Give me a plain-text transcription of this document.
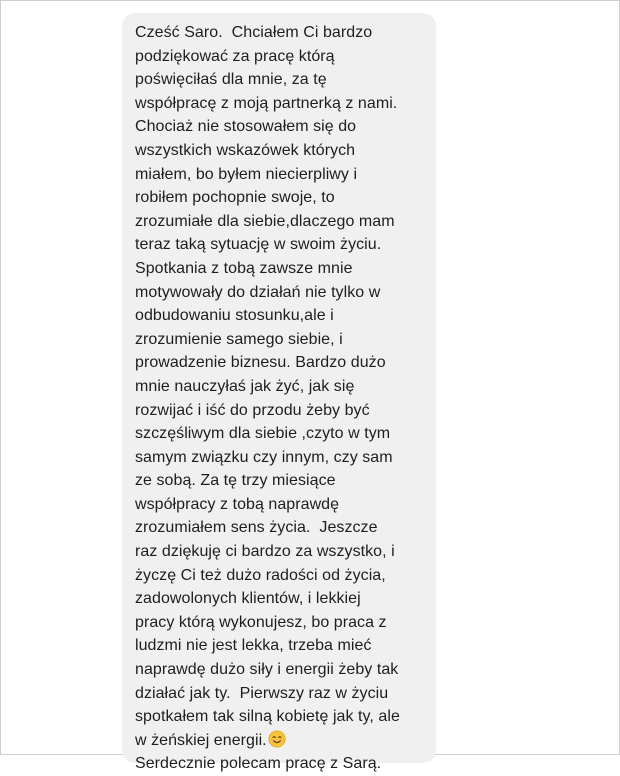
Cześć Saro.  Chciałem Ci bardzo
podziękować za pracę którą
poświęciłaś dla mnie, za tę
współpracę z moją partnerką z nami.
Chociaż nie stosowałem się do
wszystkich wskazówek których
miałem, bo byłem niecierpliwy i
robiłem pochopnie swoje, to
zrozumiałe dla siebie,dlaczego mam
teraz taką sytuację w swoim życiu.
Spotkania z tobą zawsze mnie
motywowały do działań nie tylko w
odbudowaniu stosunku,ale i
zrozumienie samego siebie, i
prowadzenie biznesu. Bardzo dużo
mnie nauczyłaś jak żyć, jak się
rozwijać i iść do przodu żeby być
szczęśliwym dla siebie ,czyto w tym
samym związku czy innym, czy sam
ze sobą. Za tę trzy miesiące
współpracy z tobą naprawdę
zrozumiałem sens życia.  Jeszcze
raz dziękuję ci bardzo za wszystko, i
życzę Ci też dużo radości od życia,
zadowolonych klientów, i lekkiej
pracy którą wykonujesz, bo praca z
ludzmi nie jest lekka, trzeba mieć
naprawdę dużo siły i energii żeby tak
działać jak ty.  Pierwszy raz w życiu
spotkałem tak silną kobietę jak ty, ale
w żeńskiej energii.
Serdecznie polecam pracę z Sarą.
